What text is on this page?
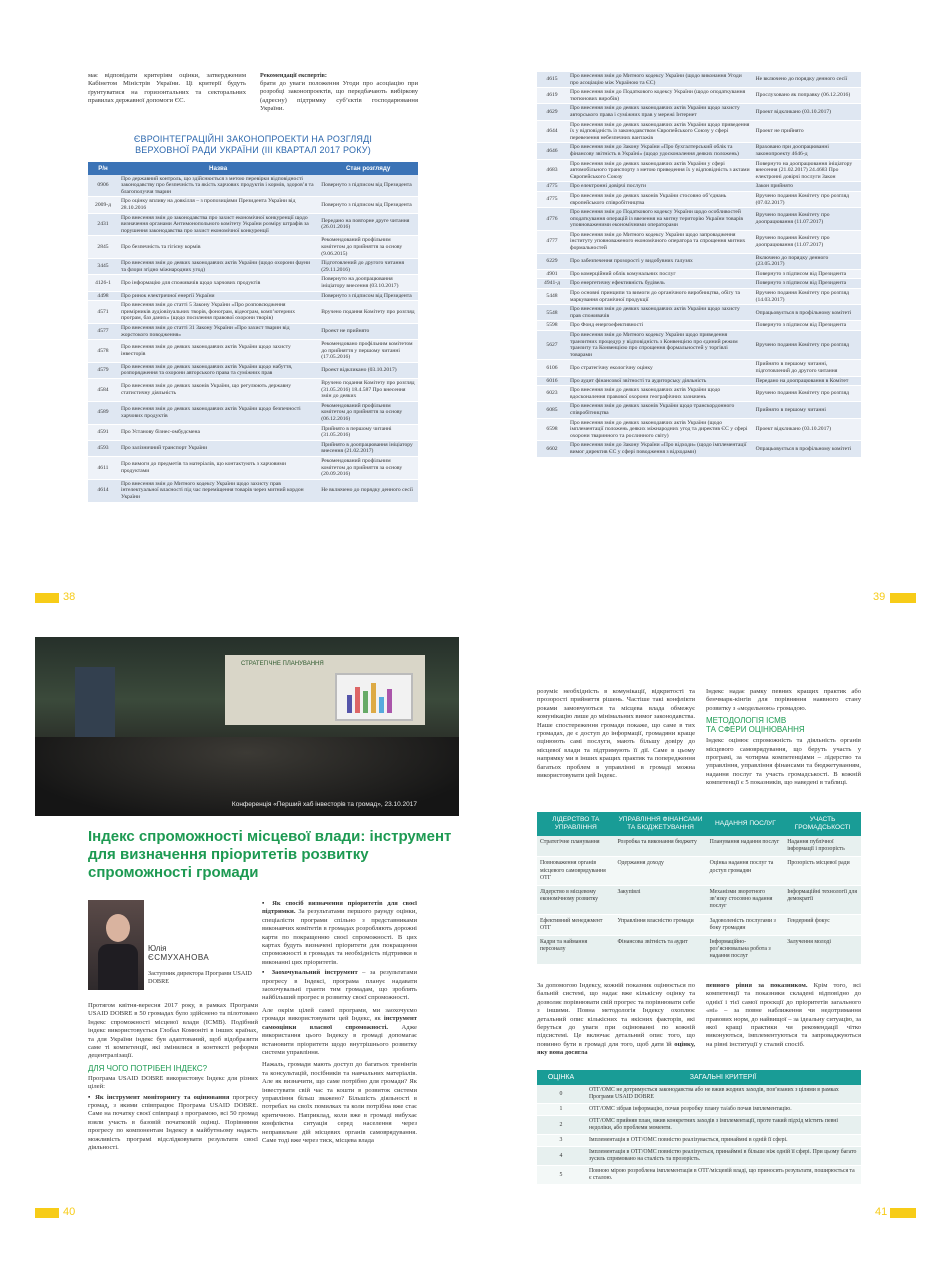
має відповідати критеріям оцінки, затвердженим Кабінетом Міністрів України. Ці критерії будуть ґрунтуватися на горизонтальних та секторальних правилах державної допомоги ЄС.
Рекомендації експертів:
брати до уваги положення Угоди про асоціацію при розробці законопроектів, що передбачають вибіркову (адресну) підтримку суб’єктів господарювання України.
ЄВРОІНТЕГРАЦІЙНІ ЗАКОНОПРОЕКТИ НА РОЗГЛЯДІ ВЕРХОВНОЇ РАДИ УКРАЇНИ (ІІІ КВАРТАЛ 2017 РОКУ)
Р/н	Назва	Стан розгляду
0906	Про державний контроль, що здійснюється з метою перевірки відповідності законодавству про безпечність та якість харчових продуктів і кормів, здоров’я та благополуччя тварин	Повернуто з підписом від Президента
2009-д	Про оцінку впливу на довкілля – з пропозиціями Президента України від 28.10.2016	Повернуто з підписом від Президента
2431	Про внесення змін до законодавства про захист економічної конкуренції щодо визначення органами Антимонопольного комітету України розміру штрафів за порушення законодавства про захист економічної конкуренції	Передано на повторне друге читання (26.01.2016)
2845	Про безпечність та гігієну кормів	Рекомендований профільним комітетом до прийняття за основу (9.06.2015)
3445	Про внесення змін до деяких законодавчих актів України (щодо охорони фауни та флори згідно міжнародних угод)	Підготовлений до другого читання (29.11.2016)
4126-1	Про інформацію для споживачів щодо харчових продуктів	Повернуто на доопрацювання ініціатору внесення (03.10.2017)
4498	Про ринок електричної енергії України	Повернуто з підписом від Президента
4571	Про внесення змін до статті 5 Закону України «Про розповсюдження примірників аудіовізуальних творів, фонограм, відеограм, комп’ютерних програм, баз даних» (щодо посилення правової охорони творів)	Вручено подання Комітету про розгляд
4577	Про внесення змін до статті 31 Закону України «Про захист тварин від жорстокого поводження»	Проект не прийнято
4578	Про внесення змін до деяких законодавчих актів України щодо захисту інвесторів	Рекомендовано профільним комітетом до прийняття у першому читанні (17.05.2016)
4579	Про внесення змін до деяких законодавчих актів України щодо набуття, розпорядження та охорони авторського права та суміжних прав	Проект відкликано (03.10.2017)
4584	Про внесення змін до деяких законів України, що регулюють державну статистичну діяльність	Вручено подання Комітету про розгляд (31.05.2016) 18.4.587 Про внесення змін до деяких
4589	Про внесення змін до деяких законодавчих актів України щодо безпечності харчових продуктів	Рекомендований профільним комітетом до прийняття за основу (06.12.2016)
4591	Про Установу бізнес-омбудсмена	Прийнято в першому читанні (31.05.2016)
4593	Про залізничний транспорт України	Прийнято в доопрацювання ініціатору внесення (21.02.2017)
4611	Про вимоги до предметів та матеріалів, що контактують з харчовими продуктами	Рекомендований профільним комітетом до прийняття за основу (20.09.2016)
4614	Про внесення змін до Митного кодексу України щодо захисту прав інтелектуальної власності під час переміщення товарів через митний кордон України	Не включено до порядку денного сесії
38
4615	Про внесення змін до Митного кодексу України (щодо виконання Угоди про асоціацію між Україною та ЄС)	Не включено до порядку денного сесії
4619	Про внесення змін до Податкового кодексу України (щодо оподаткування тютюнових виробів)	Прослуховано як поправку (06.12.2016)
4629	Про внесення змін до деяких законодавчих актів України щодо захисту авторського права і суміжних прав у мережі Інтернет	Проект відкликано (03.10.2017)
4644	Про внесення змін до деяких законодавчих актів України щодо приведення їх у відповідність із законодавством Європейського Союзу у сфері перевезення небезпечних вантажів	Проект не прийнято
4646	Про внесення змін до Закону України «Про бухгалтерський облік та фінансову звітність в Україні» (щодо удосконалення деяких положень)	Враховано при доопрацюванні законопроекту 4646-д
4683	Про внесення змін до деяких законодавчих актів України у сфері автомобільного транспорту з метою приведення їх у відповідність з актами Європейського Союзу	Повернуто на доопрацювання ініціатору внесення (21.02.2017) 24.4683 Про електронні довірчі послуги Закон
4775	Про електронні довірчі послуги	Закон прийнято
4775	Про внесення змін до деяких законів України стосовно об’єднань європейського співробітництва	Вручено подання Комітету про розгляд (07.02.2017)
4776	Про внесення змін до Податкового кодексу України щодо особливостей оподаткування операцій із ввезення на митну територію України товарів уповноваженими економічними операторами	Вручено подання Комітету про доопрацювання (11.07.2017)
4777	Про внесення змін до Митного кодексу України щодо запровадження інституту уповноваженого економічного оператора та спрощення митних формальностей	Вручено подання Комітету про доопрацювання (11.07.2017)
6229	Про забезпечення прозорості у видобувних галузях	Включено до порядку денного (23.05.2017)
4901	Про комерційний облік комунальних послуг	Повернуто з підписом від Президента
4941-д	Про енергетичну ефективність будівель	Повернуто з підписом від Президента
5448	Про основні принципи та вимоги до органічного виробництва, обігу та маркування органічної продукції	Вручено подання Комітету про розгляд (14.03.2017)
5548	Про внесення змін до деяких законодавчих актів України щодо захисту прав споживачів	Опрацьовується в профільному комітеті
5598	Про Фонд енергоефективності	Повернуто з підписом від Президента
5627	Про внесення змін до Митного кодексу України щодо приведення транзитних процедур у відповідність з Конвенцією про єдиний режим транзиту та Конвенцією про спрощення формальностей у торгівлі товарами	Вручено подання Комітету про розгляд
6106	Про стратегічну екологічну оцінку	Прийнято в першому читанні, підготовлений до другого читання
6016	Про аудит фінансової звітності та аудиторську діяльність	Передано на доопрацювання в Комітет
6023	Про внесення змін до деяких законодавчих актів України щодо вдосконалення правової охорони географічних зазначень	Вручено подання Комітету про розгляд
6085	Про внесення змін до деяких законів України щодо транскордонного співробітництва	Прийнято в першому читанні
6598	Про внесення змін до деяких законодавчих актів України (щодо імплементації положень деяких міжнародних угод та директив ЄС у сфері охорони тваринного та рослинного світу)	Проект відкликано (03.10.2017)
6602	Про внесення змін до Закону України «Про відходи» (щодо імплементації вимог директив ЄС у сфері поводження з відходами)	Опрацьовується в профільному комітеті
39
СТРАТЕГІЧНЕ ПЛАНУВАННЯ
Конференція «Перший хаб інвесторів та громад», 23.10.2017
Індекс спроможності місцевої влади: інструмент для визначення пріоритетів розвитку спроможності громади
Юлія
ЄСМУХАНОВА
Заступник директора Програми USAID DOBRE
Протягом квітня-вересня 2017 року, в рамках Програми USAID DOBRE в 50 громадах було здійснено та пілотовано Індекс спроможності місцевої влади (ICMB). Подібний індекс використовується Глобал Комюніті в інших країнах, та для України індекс був адаптований, щоб відобразити саме ті компетенції, які змінилися в контексті реформи децентралізації.
ДЛЯ ЧОГО ПОТРІБЕН ІНДЕКС?
Програма USAID DOBRE використовує Індекс для різних цілей:
▪ Як інструмент моніторингу та оцінювання прогресу громад, з якими співпрацює Програма USAID DOBRE. Саме на початку своєї співпраці з програмою, всі 50 громад взяли участь в базовій початковій оцінці. Порівняння прогресу по компонентам Індексу в майбутньому надасть можливість програмі відслідковувати результати своєї діяльності.
▪ Як спосіб визначення пріоритетів для своєї підтримки. За результатами першого раунду оцінки, спеціалісти програми спільно з представниками виконавчих комітетів в громадах розробляють дорожні карти по покращенню своєї спроможності. В цих картах будуть визначені пріоритети для покращення спроможності в громадах та необхідність підтримки в виконанні цих пріоритетів.
▪ Заохочувальний інструмент – за результатами прогресу в Індексі, програма планує надавати заохочувальні гранти тим громадам, що зроблять найбільший прогрес в розвитку своєї спроможності.
Але окрім цілей самої програми, ми заохочуємо громади використовувати цей Індекс, як інструмент самооцінки власної спроможності. Адже використання цього Індексу в громаді допомагає встановити пріоритети щодо внутрішнього розвитку системи управління.
Нажаль, громади мають доступ до багатьох тренінгів та консультацій, посібників та навчальних матеріалів. Але як визначити, що саме потрібно для громади? Як інвестувати свій час та кошти в розвиток системи управління більш зважено? Більшість діяльності в потребах на своїх помилках та коли потрібна вже стає критичною. Наприклад, коли вже в громаді вибухає конфліктна ситуація серед населення через неправильне дій місцевих органів самоврядування. Саме тоді вже через тиск, місцева влада
40
розуміє необхідність в комунікації, відкритості та прозорості прийняття рішень. Частіше такі конфлікти роками замовчуються та місцева влада обмежує комунікацію лише до мінімальних вимог законодавства. Наше спостереження громади покаже, що саме в тих громадах, де є доступ до інформації, громадяни краще оцінюють самі послуги, мають більшу довіру до місцевої влади та підтримують її дії. Саме в цьому напрямку ми в інших кращих практик та попередження багатьох проблем в управлінні в громаді можна використовувати цей Індекс.
Індекс надає рамку певних кращих практик або бенчмарк-кінгів для порівняння наявного стану розвитку з «модельною» громадою.
МЕТОДОЛОГІЯ ICMB
ТА СФЕРИ ОЦІНЮВАННЯ
Індекс оцінює спроможність та діяльність органів місцевого самоврядування, що беруть участь у програмі, за чотирма компетенціями – лідерство та управління, управління фінансами та бюджетуванням, надання послуг та участь громадськості. В кожній компетенції є 5 показників, що наведені в таблиці.
ЛІДЕРСТВО ТА УПРАВЛІННЯ	УПРАВЛІННЯ ФІНАНСАМИ ТА БЮДЖЕТУВАННЯ	НАДАННЯ ПОСЛУГ	УЧАСТЬ ГРОМАДСЬКОСТІ
Стратегічне планування	Розробка та виконання бюджету	Планування надання послуг	Надання публічної інформації і прозорість
Повноваження органів місцевого самоврядування ОТГ	Одержання доходу	Оцінка надання послуг та доступ громадян	Прозорість місцевої ради
Лідерство в місцевому економічному розвитку	Закупівлі	Механізми зворотного зв’язку стосовно надання послуг	Інформаційні технології для демократії
Ефективний менеджмент ОТГ	Управління власністю громади	Задоволеність послугами з боку громадян	Гендерний фокус
Кадри та наймання персоналу	Фінансова звітність та аудит	Інформаційно-роз’яснювальна робота з надання послуг	Залучення молоді
За допомогою Індексу, кожній показник оцінюється по бальній системі, що надає вже кількісну оцінку та дозволяє порівнювати свій прогрес та порівнювати себе з іншими. Повна методологія Індексу охоплює детальний опис кількісних та якісних факторів, які беруться до уваги при оцінюванні по кожній підсистемі. Це включає детальний опис того, що повинно бути в громаді для того, щоб дати їй оцінку, яку вона досягла
певного рівня за показником. Крім того, всі компетенції та показники складені відповідно до однієї і тієї самої проєкції до пріоритетів загального «ні» – за повне наближення чи недотримання правових норм, до найвищої – за ідеальну ситуацію, за якої кращі практики чи рекомендації чітко виконуються, імплементуються та запроваджуються на рівні інституції у сталий спосіб.
ОЦІНКА	ЗАГАЛЬНІ КРИТЕРІЇ
0	ОТГ/ОМС не дотримується законодавства або не вжив жодних заходів, пов’язаних з цілями в рамках Програми USAID DOBRE
1	ОТГ/ОМС зібрав інформацію, почав розробку плану та/або почав імплементацію.
2	ОТГ/ОМС прийняв план, вжив конкретних заходів з імплементації, проте такий підхід містить певні недоліки, або проблеми моменти.
3	Імплементація в ОТГ/ОМС повністю реалізувається, принаймні в одній її сфері.
4	Імплементація в ОТГ/ОМС повністю реалізується, принаймні в більше ніж одній її сфері. При цьому багато зусиль спрямовано на сталість та прозорість.
5	Повною мірою розроблена імплементація в ОТГ/місцевій владі, що приносить результати, поширюється та є сталою.
41
